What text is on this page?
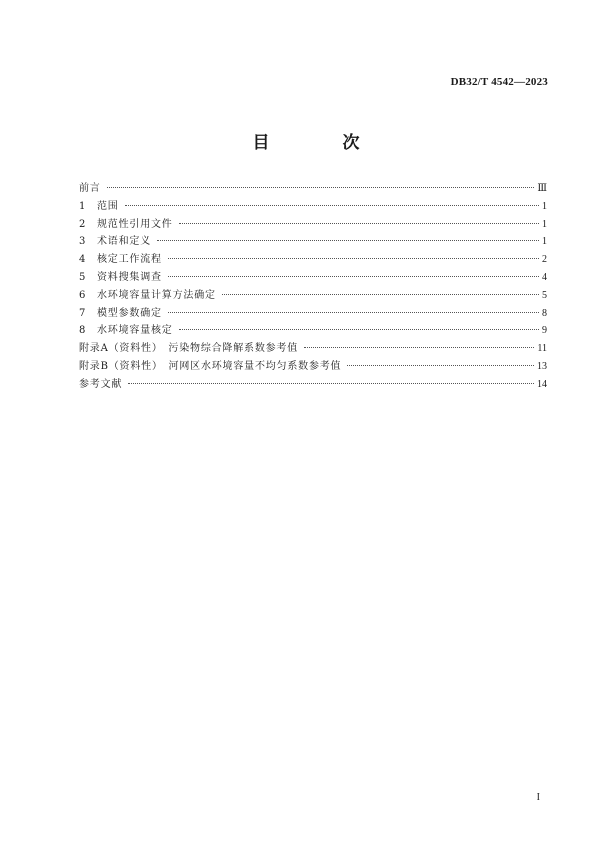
DB32/T 4542—2023
目　次
前言	Ⅲ
1	范围	1
2	规范性引用文件	1
3	术语和定义	1
4	核定工作流程	2
5	资料搜集调查	4
6	水环境容量计算方法确定	5
7	模型参数确定	8
8	水环境容量核定	9
附录A（资料性）　污染物综合降解系数参考值	11
附录B（资料性）　河网区水环境容量不均匀系数参考值	13
参考文献	14
I
